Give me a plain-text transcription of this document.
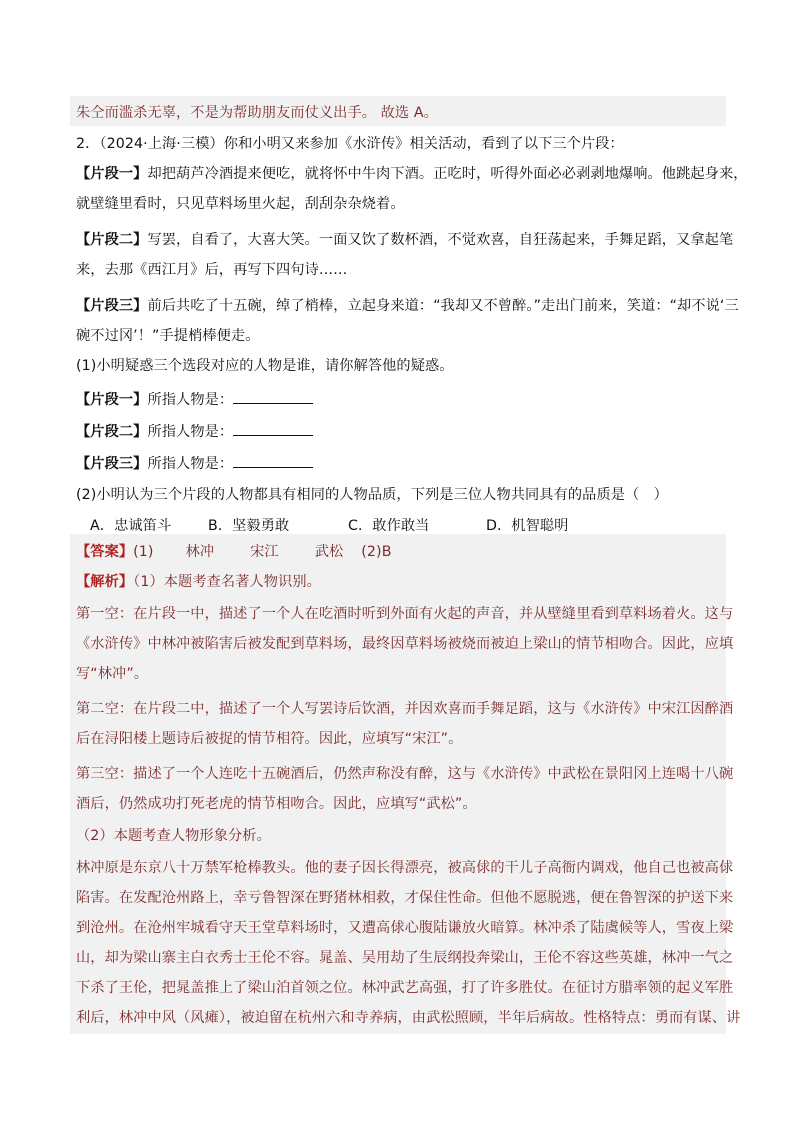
朱仝而滥杀无辜，不是为帮助朋友而仗义出手。 故选 A。
2．（2024·上海·三模）你和小明又来参加《水浒传》相关活动，看到了以下三个片段：
【片段一】却把葫芦冷酒提来便吃，就将怀中牛肉下酒。正吃时，听得外面必必剥剥地爆响。他跳起身来，
就壁缝里看时，只见草料场里火起，刮刮杂杂烧着。
【片段二】写罢，自看了，大喜大笑。一面又饮了数杯酒，不觉欢喜，自狂荡起来，手舞足蹈，又拿起笔
来，去那《西江月》后，再写下四句诗……
【片段三】前后共吃了十五碗，绰了梢棒，立起身来道：“我却又不曾醉。”走出门前来，笑道：“却不说‘三
碗不过冈’！”手提梢棒便走。
(1)小明疑惑三个选段对应的人物是谁，请你解答他的疑惑。
【片段一】所指人物是：
【片段二】所指人物是：
【片段三】所指人物是：
(2)小明认为三个片段的人物都具有相同的人物品质，下列是三位人物共同具有的品质是（　）
A．忠诚笛斗	B．坚毅勇敢	C．敢作敢当	D．机智聪明
【答案】(1) 林冲	宋江	武松 (2)B
【解析】（1）本题考查名著人物识别。
第一空：在片段一中，描述了一个人在吃酒时听到外面有火起的声音，并从壁缝里看到草料场着火。这与
《水浒传》中林冲被陷害后被发配到草料场，最终因草料场被烧而被迫上梁山的情节相吻合。因此，应填
写“林冲”。
第二空：在片段二中，描述了一个人写罢诗后饮酒，并因欢喜而手舞足蹈，这与《水浒传》中宋江因醉酒
后在浔阳楼上题诗后被捉的情节相符。因此，应填写“宋江”。
第三空：描述了一个人连吃十五碗酒后，仍然声称没有醉，这与《水浒传》中武松在景阳冈上连喝十八碗
酒后，仍然成功打死老虎的情节相吻合。因此，应填写“武松”。
（2）本题考查人物形象分析。
林冲原是东京八十万禁军枪棒教头。他的妻子因长得漂亮，被高俅的干儿子高衙内调戏，他自己也被高俅
陷害。在发配沧州路上，幸亏鲁智深在野猪林相救，才保住性命。但他不愿脱逃，便在鲁智深的护送下来
到沧州。在沧州牢城看守天王堂草料场时，又遭高俅心腹陆谦放火暗算。林冲杀了陆虞候等人，雪夜上梁
山，却为梁山寨主白衣秀士王伦不容。晁盖、吴用劫了生辰纲投奔梁山，王伦不容这些英雄，林冲一气之
下杀了王伦，把晁盖推上了梁山泊首领之位。林冲武艺高强，打了许多胜仗。在征讨方腊率领的起义军胜
利后，林冲中风（风瘫），被迫留在杭州六和寺养病，由武松照顾，半年后病故。性格特点：勇而有谋、讲
